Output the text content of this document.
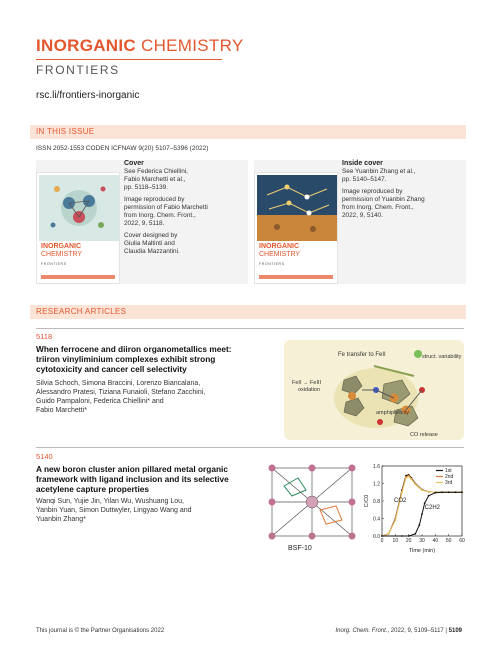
INORGANIC CHEMISTRY
FRONTIERS
rsc.li/frontiers-inorganic
IN THIS ISSUE
ISSN 2052-1553 CODEN ICFNAW 9(20) 5107–5396 (2022)
INORGANIC
CHEMISTRY
FRONTIERS

Cover
See Federica Chiellini,
Fabio Marchetti et al.,
pp. 5118–5139.

Image reproduced by
permission of Fabio Marchetti
from Inorg. Chem. Front.,
2022, 9, 5118.

Cover designed by
Giulia Maltinti and
Claudia Mazzantini.

INORGANIC
CHEMISTRY
FRONTIERS

Inside cover
See Yuanbin Zhang et al.,
pp. 5140–5147.

Image reproduced by
permission of Yuanbin Zhang
from Inorg. Chem. Front.,
2022, 9, 5140.

RESEARCH ARTICLES
5118
When ferrocene and diiron organometallics meet:
triiron vinyliminium complexes exhibit strong
cytotoxicity and cancer cell selectivity
Silvia Schoch, Simona Braccini, Lorenzo Biancalana,
Alessandro Pratesi, Tiziana Funaioli, Stefano Zacchini,
Guido Pampaloni, Federica Chiellini* and
Fabio Marchetti*
Fe transfer to FeII	struct. variability
FeII → FeIII
oxidation
amphiphilicity
CO release
5140
A new boron cluster anion pillared metal organic
framework with ligand inclusion and its selective
acetylene capture properties
Wanqi Sun, Yujie Jin, Yilan Wu, Wushuang Lou,
Yanbin Yuan, Simon Duttwyler, Lingyao Wang and
Yuanbin Zhang*
BSF-10
0 10 20 30 40 50 60
0.0
0.4
0.8
1.2
1.6
Time (min)
C/C0
1st
2nd
3rd
CO2
C2H2
This journal is © the Partner Organisations 2022	Inorg. Chem. Front., 2022, 9, 5109–5117 | 5109
